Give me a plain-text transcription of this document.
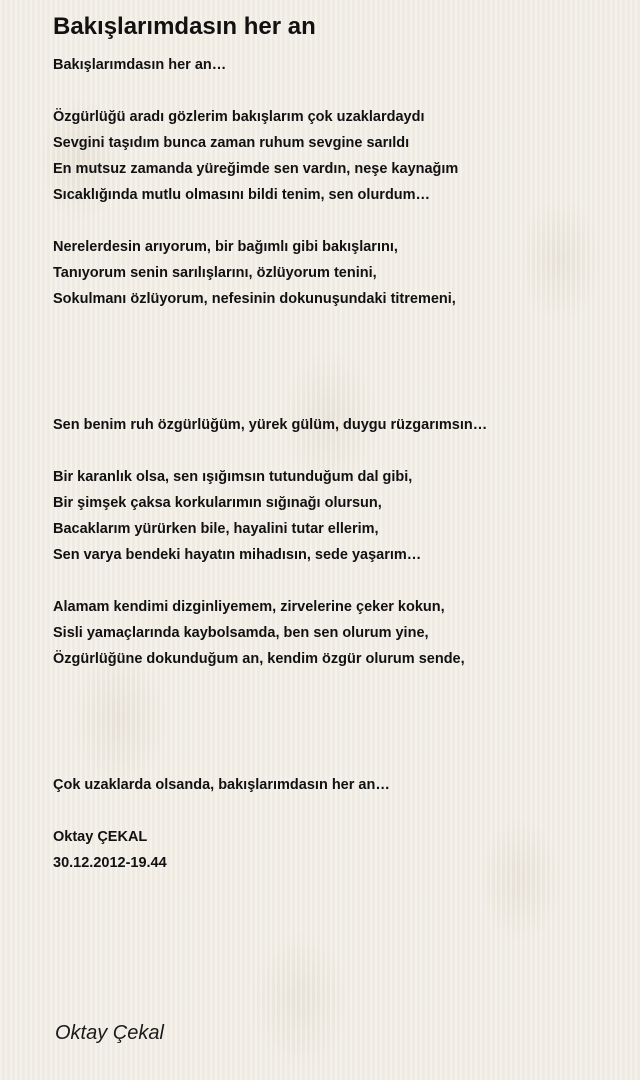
Bakışlarımdasın her an
Bakışlarımdasın her an…
Özgürlüğü aradı gözlerim bakışlarım çok uzaklardaydı
Sevgini taşıdım bunca zaman ruhum sevgine sarıldı
En mutsuz zamanda yüreğimde sen vardın, neşe kaynağım
Sıcaklığında mutlu olmasını bildi tenim, sen olurdum…
Nerelerdesin arıyorum, bir bağımlı gibi bakışlarını,
Tanıyorum senin sarılışlarını, özlüyorum tenini,
Sokulmanı özlüyorum, nefesinin dokunuşundaki titremeni,
Sen benim ruh özgürlüğüm, yürek gülüm, duygu rüzgarımsın…
Bir karanlık olsa, sen ışığımsın tutunduğum dal gibi,
Bir şimşek çaksa korkularımın sığınağı olursun,
Bacaklarım yürürken bile, hayalini tutar ellerim,
Sen varya bendeki hayatın mihadısın, sede yaşarım…
Alamam kendimi dizginliyemem, zirvelerine çeker kokun,
Sisli yamaçlarında kaybolsamda, ben sen olurum yine,
Özgürlüğüne dokunduğum an, kendim özgür olurum sende,
Çok uzaklarda olsanda, bakışlarımdasın her an…
Oktay ÇEKAL
30.12.2012-19.44
Oktay Çekal
